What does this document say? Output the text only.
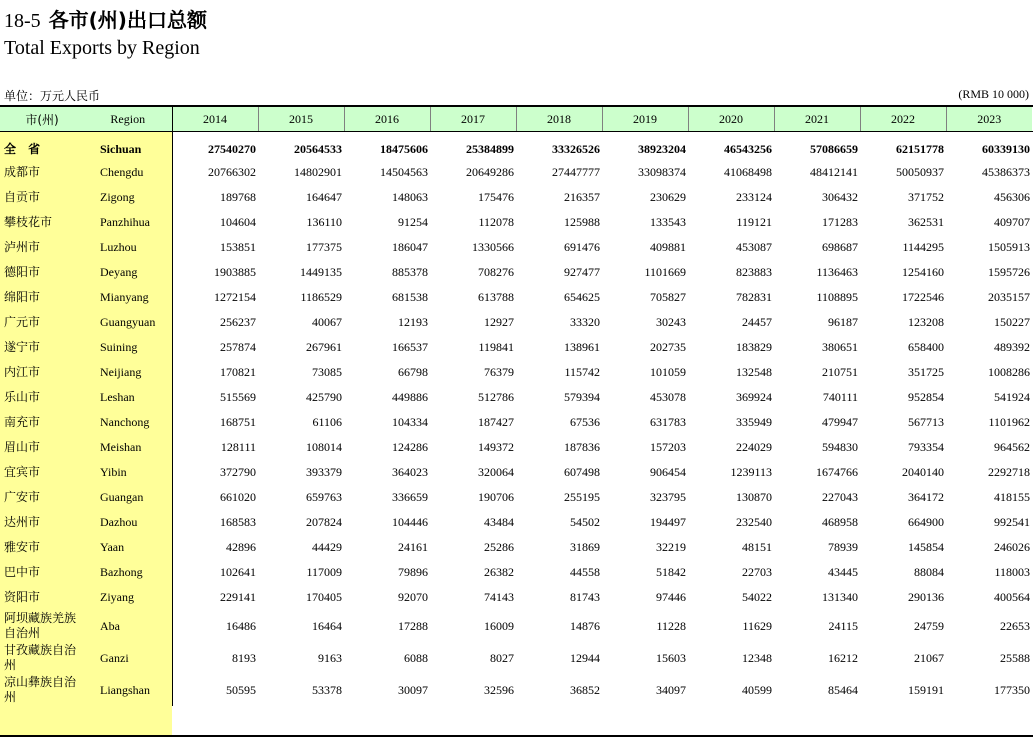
18-5 各市(州)出口总额
Total Exports by Region
单位：万元人民币	(RMB 10 000)
市(州)	Region	2014	2015	2016	2017	2018	2019	2020	2021	2022	2023
全 省	Sichuan	27540270	20564533	18475606	25384899	33326526	38923204	46543256	57086659	62151778	60339130
成都市	Chengdu	20766302	14802901	14504563	20649286	27447777	33098374	41068498	48412141	50050937	45386373
自贡市	Zigong	189768	164647	148063	175476	216357	230629	233124	306432	371752	456306
攀枝花市	Panzhihua	104604	136110	91254	112078	125988	133543	119121	171283	362531	409707
泸州市	Luzhou	153851	177375	186047	1330566	691476	409881	453087	698687	1144295	1505913
德阳市	Deyang	1903885	1449135	885378	708276	927477	1101669	823883	1136463	1254160	1595726
绵阳市	Mianyang	1272154	1186529	681538	613788	654625	705827	782831	1108895	1722546	2035157
广元市	Guangyuan	256237	40067	12193	12927	33320	30243	24457	96187	123208	150227
遂宁市	Suining	257874	267961	166537	119841	138961	202735	183829	380651	658400	489392
内江市	Neijiang	170821	73085	66798	76379	115742	101059	132548	210751	351725	1008286
乐山市	Leshan	515569	425790	449886	512786	579394	453078	369924	740111	952854	541924
南充市	Nanchong	168751	61106	104334	187427	67536	631783	335949	479947	567713	1101962
眉山市	Meishan	128111	108014	124286	149372	187836	157203	224029	594830	793354	964562
宜宾市	Yibin	372790	393379	364023	320064	607498	906454	1239113	1674766	2040140	2292718
广安市	Guangan	661020	659763	336659	190706	255195	323795	130870	227043	364172	418155
达州市	Dazhou	168583	207824	104446	43484	54502	194497	232540	468958	664900	992541
雅安市	Yaan	42896	44429	24161	25286	31869	32219	48151	78939	145854	246026
巴中市	Bazhong	102641	117009	79896	26382	44558	51842	22703	43445	88084	118003
资阳市	Ziyang	229141	170405	92070	74143	81743	97446	54022	131340	290136	400564
阿坝藏族羌族自治州	Aba	16486	16464	17288	16009	14876	11228	11629	24115	24759	22653
甘孜藏族自治州	Ganzi	8193	9163	6088	8027	12944	15603	12348	16212	21067	25588
凉山彝族自治州	Liangshan	50595	53378	30097	32596	36852	34097	40599	85464	159191	177350
